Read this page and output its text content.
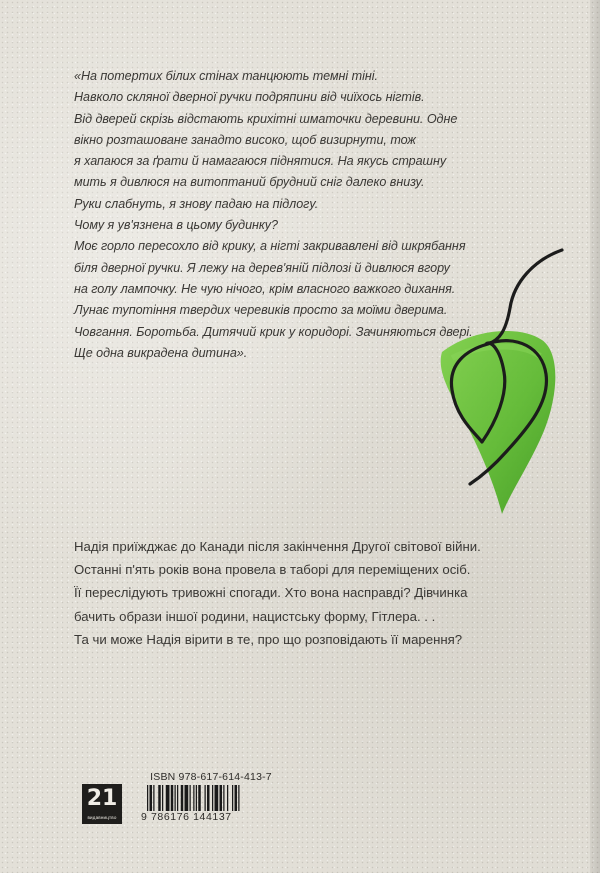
«На потертих білих стінах танцюють темні тіні.
Навколо скляної дверної ручки подряпини від чиїхось нігтів.
Від дверей скрізь відстають крихітні шматочки деревини. Одне
вікно розташоване занадто високо, щоб визирнути, тож
я хапаюся за ґрати й намагаюся піднятися. На якусь страшну
мить я дивлюся на витоптаний брудний сніг далеко внизу.
Руки слабнуть, я знову падаю на підлогу.
Чому я ув'язнена в цьому будинку?
Моє горло пересохло від крику, а нігті закривавлені від шкрябання
біля дверної ручки. Я лежу на дерев'яній підлозі й дивлюся вгору
на голу лампочку. Не чую нічого, крім власного важкого дихання.
Лунає тупотіння твердих черевиків просто за моїми дверима.
Човгання. Боротьба. Дитячий крик у коридорі. Зачиняються двері.
Ще одна викрадена дитина».
Надія приїжджає до Канади після закінчення Другої світової війни.
Останні п'ять років вона провела в таборі для переміщених осіб.
Її переслідують тривожні спогади. Хто вона насправді? Дівчинка
бачить образи іншої родини, нацистську форму, Гітлера. . .
Та чи може Надія вірити в те, про що розповідають її марення?
21
видавництво
ISBN 978-617-614-413-7
9 786176 144137
